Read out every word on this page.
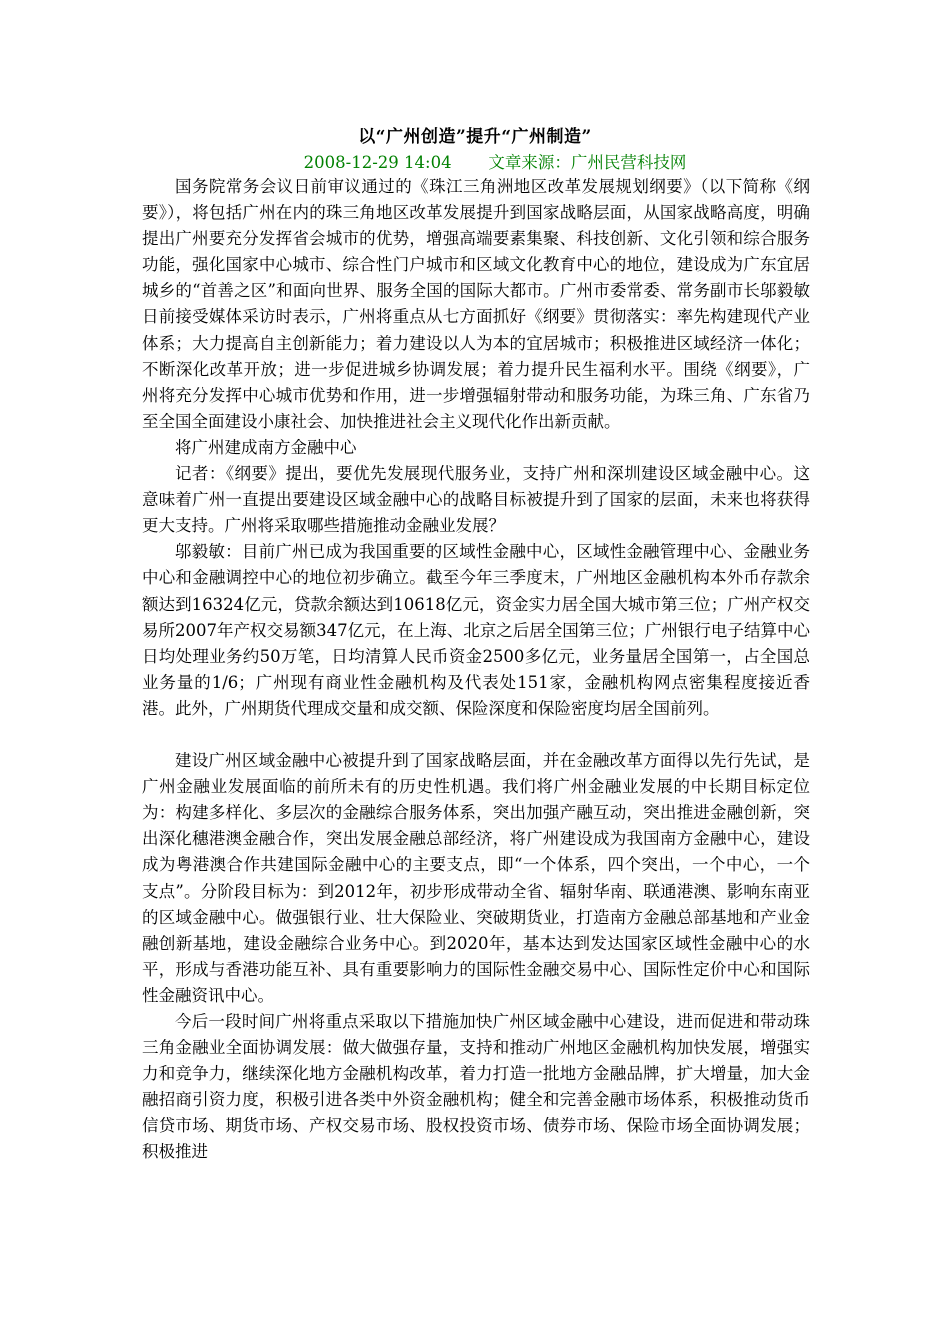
以“广州创造”提升“广州制造”
2008-12-29 14:04 文章来源：广州民营科技网

国务院常务会议日前审议通过的《珠江三角洲地区改革发展规划纲要》（以下简称《纲要》），将包括广州在内的珠三角地区改革发展提升到国家战略层面，从国家战略高度，明确提出广州要充分发挥省会城市的优势，增强高端要素集聚、科技创新、文化引领和综合服务功能，强化国家中心城市、综合性门户城市和区域文化教育中心的地位，建设成为广东宜居城乡的“首善之区”和面向世界、服务全国的国际大都市。广州市委常委、常务副市长邬毅敏日前接受媒体采访时表示，广州将重点从七方面抓好《纲要》贯彻落实：率先构建现代产业体系；大力提高自主创新能力；着力建设以人为本的宜居城市；积极推进区域经济一体化；不断深化改革开放；进一步促进城乡协调发展；着力提升民生福利水平。围绕《纲要》，广州将充分发挥中心城市优势和作用，进一步增强辐射带动和服务功能，为珠三角、广东省乃至全国全面建设小康社会、加快推进社会主义现代化作出新贡献。

将广州建成南方金融中心

记者：《纲要》提出，要优先发展现代服务业，支持广州和深圳建设区域金融中心。这意味着广州一直提出要建设区域金融中心的战略目标被提升到了国家的层面，未来也将获得更大支持。广州将采取哪些措施推动金融业发展？

邬毅敏：目前广州已成为我国重要的区域性金融中心，区域性金融管理中心、金融业务中心和金融调控中心的地位初步确立。截至今年三季度末，广州地区金融机构本外币存款余额达到16324亿元，贷款余额达到10618亿元，资金实力居全国大城市第三位；广州产权交易所2007年产权交易额347亿元，在上海、北京之后居全国第三位；广州银行电子结算中心日均处理业务约50万笔，日均清算人民币资金2500多亿元，业务量居全国第一，占全国总业务量的1/6；广州现有商业性金融机构及代表处151家，金融机构网点密集程度接近香港。此外，广州期货代理成交量和成交额、保险深度和保险密度均居全国前列。

建设广州区域金融中心被提升到了国家战略层面，并在金融改革方面得以先行先试，是广州金融业发展面临的前所未有的历史性机遇。我们将广州金融业发展的中长期目标定位为：构建多样化、多层次的金融综合服务体系，突出加强产融互动，突出推进金融创新，突出深化穗港澳金融合作，突出发展金融总部经济，将广州建设成为我国南方金融中心，建设成为粤港澳合作共建国际金融中心的主要支点，即“一个体系，四个突出，一个中心，一个支点”。分阶段目标为：到2012年，初步形成带动全省、辐射华南、联通港澳、影响东南亚的区域金融中心。做强银行业、壮大保险业、突破期货业，打造南方金融总部基地和产业金融创新基地，建设金融综合业务中心。到2020年，基本达到发达国家区域性金融中心的水平，形成与香港功能互补、具有重要影响力的国际性金融交易中心、国际性定价中心和国际性金融资讯中心。

今后一段时间广州将重点采取以下措施加快广州区域金融中心建设，进而促进和带动珠三角金融业全面协调发展：做大做强存量，支持和推动广州地区金融机构加快发展，增强实力和竞争力，继续深化地方金融机构改革，着力打造一批地方金融品牌，扩大增量，加大金融招商引资力度，积极引进各类中外资金融机构；健全和完善金融市场体系，积极推动货币信贷市场、期货市场、产权交易市场、股权投资市场、债券市场、保险市场全面协调发展；积极推进
